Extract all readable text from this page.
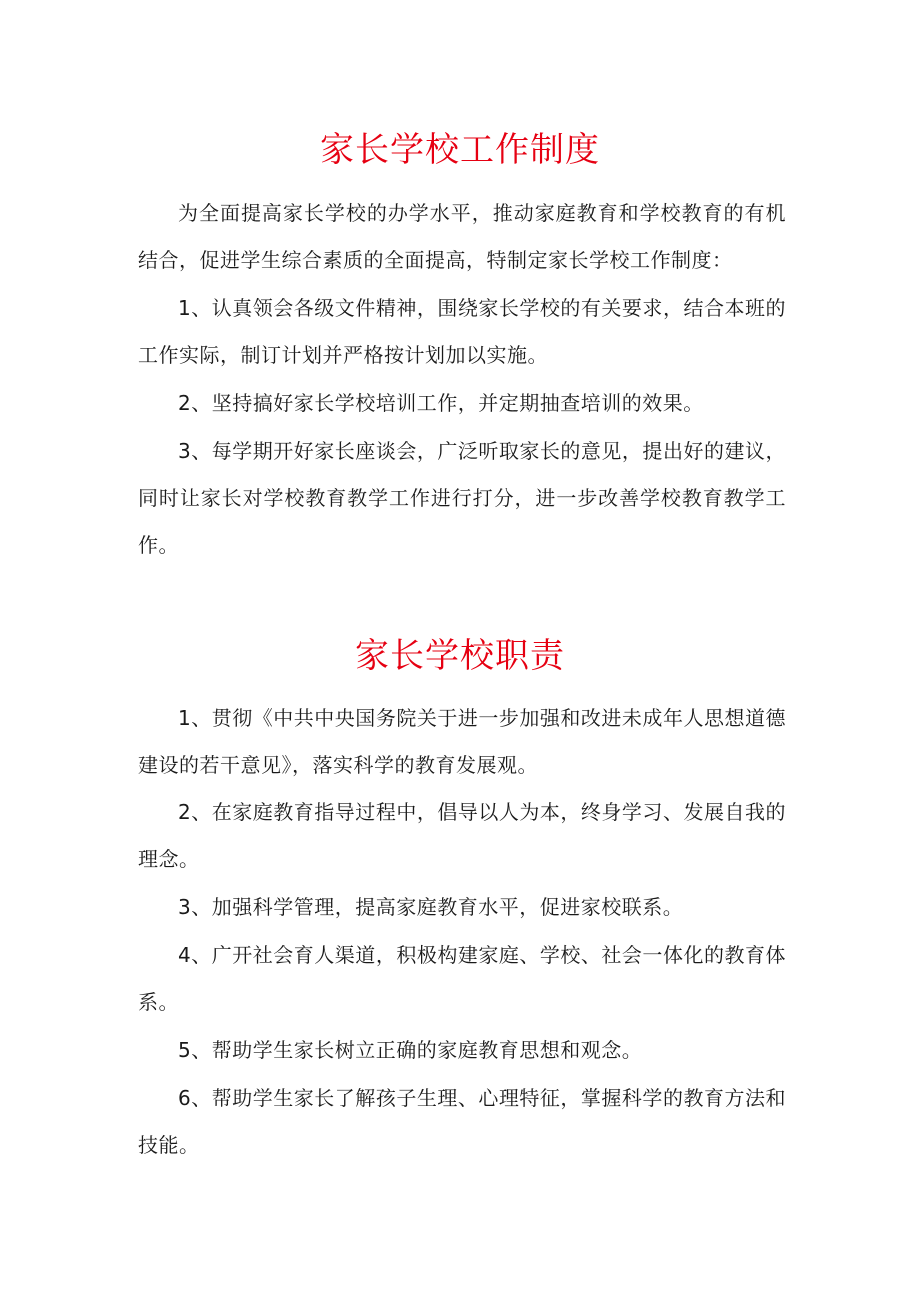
家长学校工作制度

为全面提高家长学校的办学水平，推动家庭教育和学校教育的有机结合，促进学生综合素质的全面提高，特制定家长学校工作制度：

1、认真领会各级文件精神，围绕家长学校的有关要求，结合本班的工作实际，制订计划并严格按计划加以实施。

2、坚持搞好家长学校培训工作，并定期抽查培训的效果。

3、每学期开好家长座谈会，广泛听取家长的意见，提出好的建议，同时让家长对学校教育教学工作进行打分，进一步改善学校教育教学工作。

家长学校职责

1、贯彻《中共中央国务院关于进一步加强和改进未成年人思想道德建设的若干意见》，落实科学的教育发展观。

2、在家庭教育指导过程中，倡导以人为本，终身学习、发展自我的理念。

3、加强科学管理，提高家庭教育水平，促进家校联系。

4、广开社会育人渠道，积极构建家庭、学校、社会一体化的教育体系。

5、帮助学生家长树立正确的家庭教育思想和观念。

6、帮助学生家长了解孩子生理、心理特征，掌握科学的教育方法和技能。
